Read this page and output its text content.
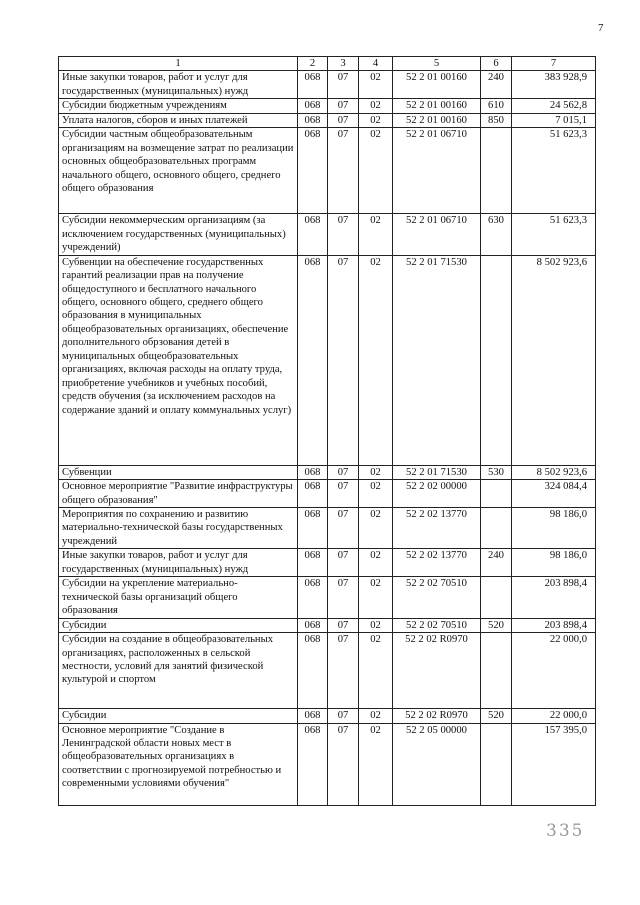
7
1	2	3	4	5	6	7
Иные закупки товаров, работ и услуг для государственных (муниципальных) нужд	068	07	02	52 2 01 00160	240	383 928,9
Субсидии бюджетным учреждениям	068	07	02	52 2 01 00160	610	24 562,8
Уплата налогов, сборов и иных платежей	068	07	02	52 2 01 00160	850	7 015,1
Субсидии частным общеобразовательным организациям на возмещение затрат по реализации основных общеобразовательных программ начального общего, основного общего, среднего общего образования	068	07	02	52 2 01 06710		51 623,3
Субсидии некоммерческим организациям (за исключением государственных (муниципальных) учреждений)	068	07	02	52 2 01 06710	630	51 623,3
Субвенции на обеспечение государственных гарантий реализации прав на получение общедоступного и бесплатного начального общего, основного общего, среднего общего образования в муниципальных общеобразовательных организациях, обеспечение дополнительного обрзования детей в муниципальных общеобразовательных организациях, включая расходы на оплату труда, приобретение учебников и учебных пособий, средств обучения (за исключением расходов на содержание зданий и оплату коммунальных услуг)	068	07	02	52 2 01 71530		8 502 923,6
Субвенции	068	07	02	52 2 01 71530	530	8 502 923,6
Основное мероприятие "Развитие инфраструктуры общего образования"	068	07	02	52 2 02 00000		324 084,4
Мероприятия по сохранению и развитию материально-технической базы государственных учреждений	068	07	02	52 2 02 13770		98 186,0
Иные закупки товаров, работ и услуг для государственных (муниципальных) нужд	068	07	02	52 2 02 13770	240	98 186,0
Субсидии на укрепление материально-технической базы организаций общего образования	068	07	02	52 2 02 70510		203 898,4
Субсидии	068	07	02	52 2 02 70510	520	203 898,4
Субсидии на создание в общеобразовательных организациях, расположенных в сельской местности, условий для занятий физической культурой и спортом	068	07	02	52 2 02 R0970		22 000,0
Субсидии	068	07	02	52 2 02 R0970	520	22 000,0
Основное мероприятие "Создание в Ленинградской области новых мест в общеобразовательных организациях в соответствии с прогнозируемой потребностью и современными условиями обучения"	068	07	02	52 2 05 00000		157 395,0
335
